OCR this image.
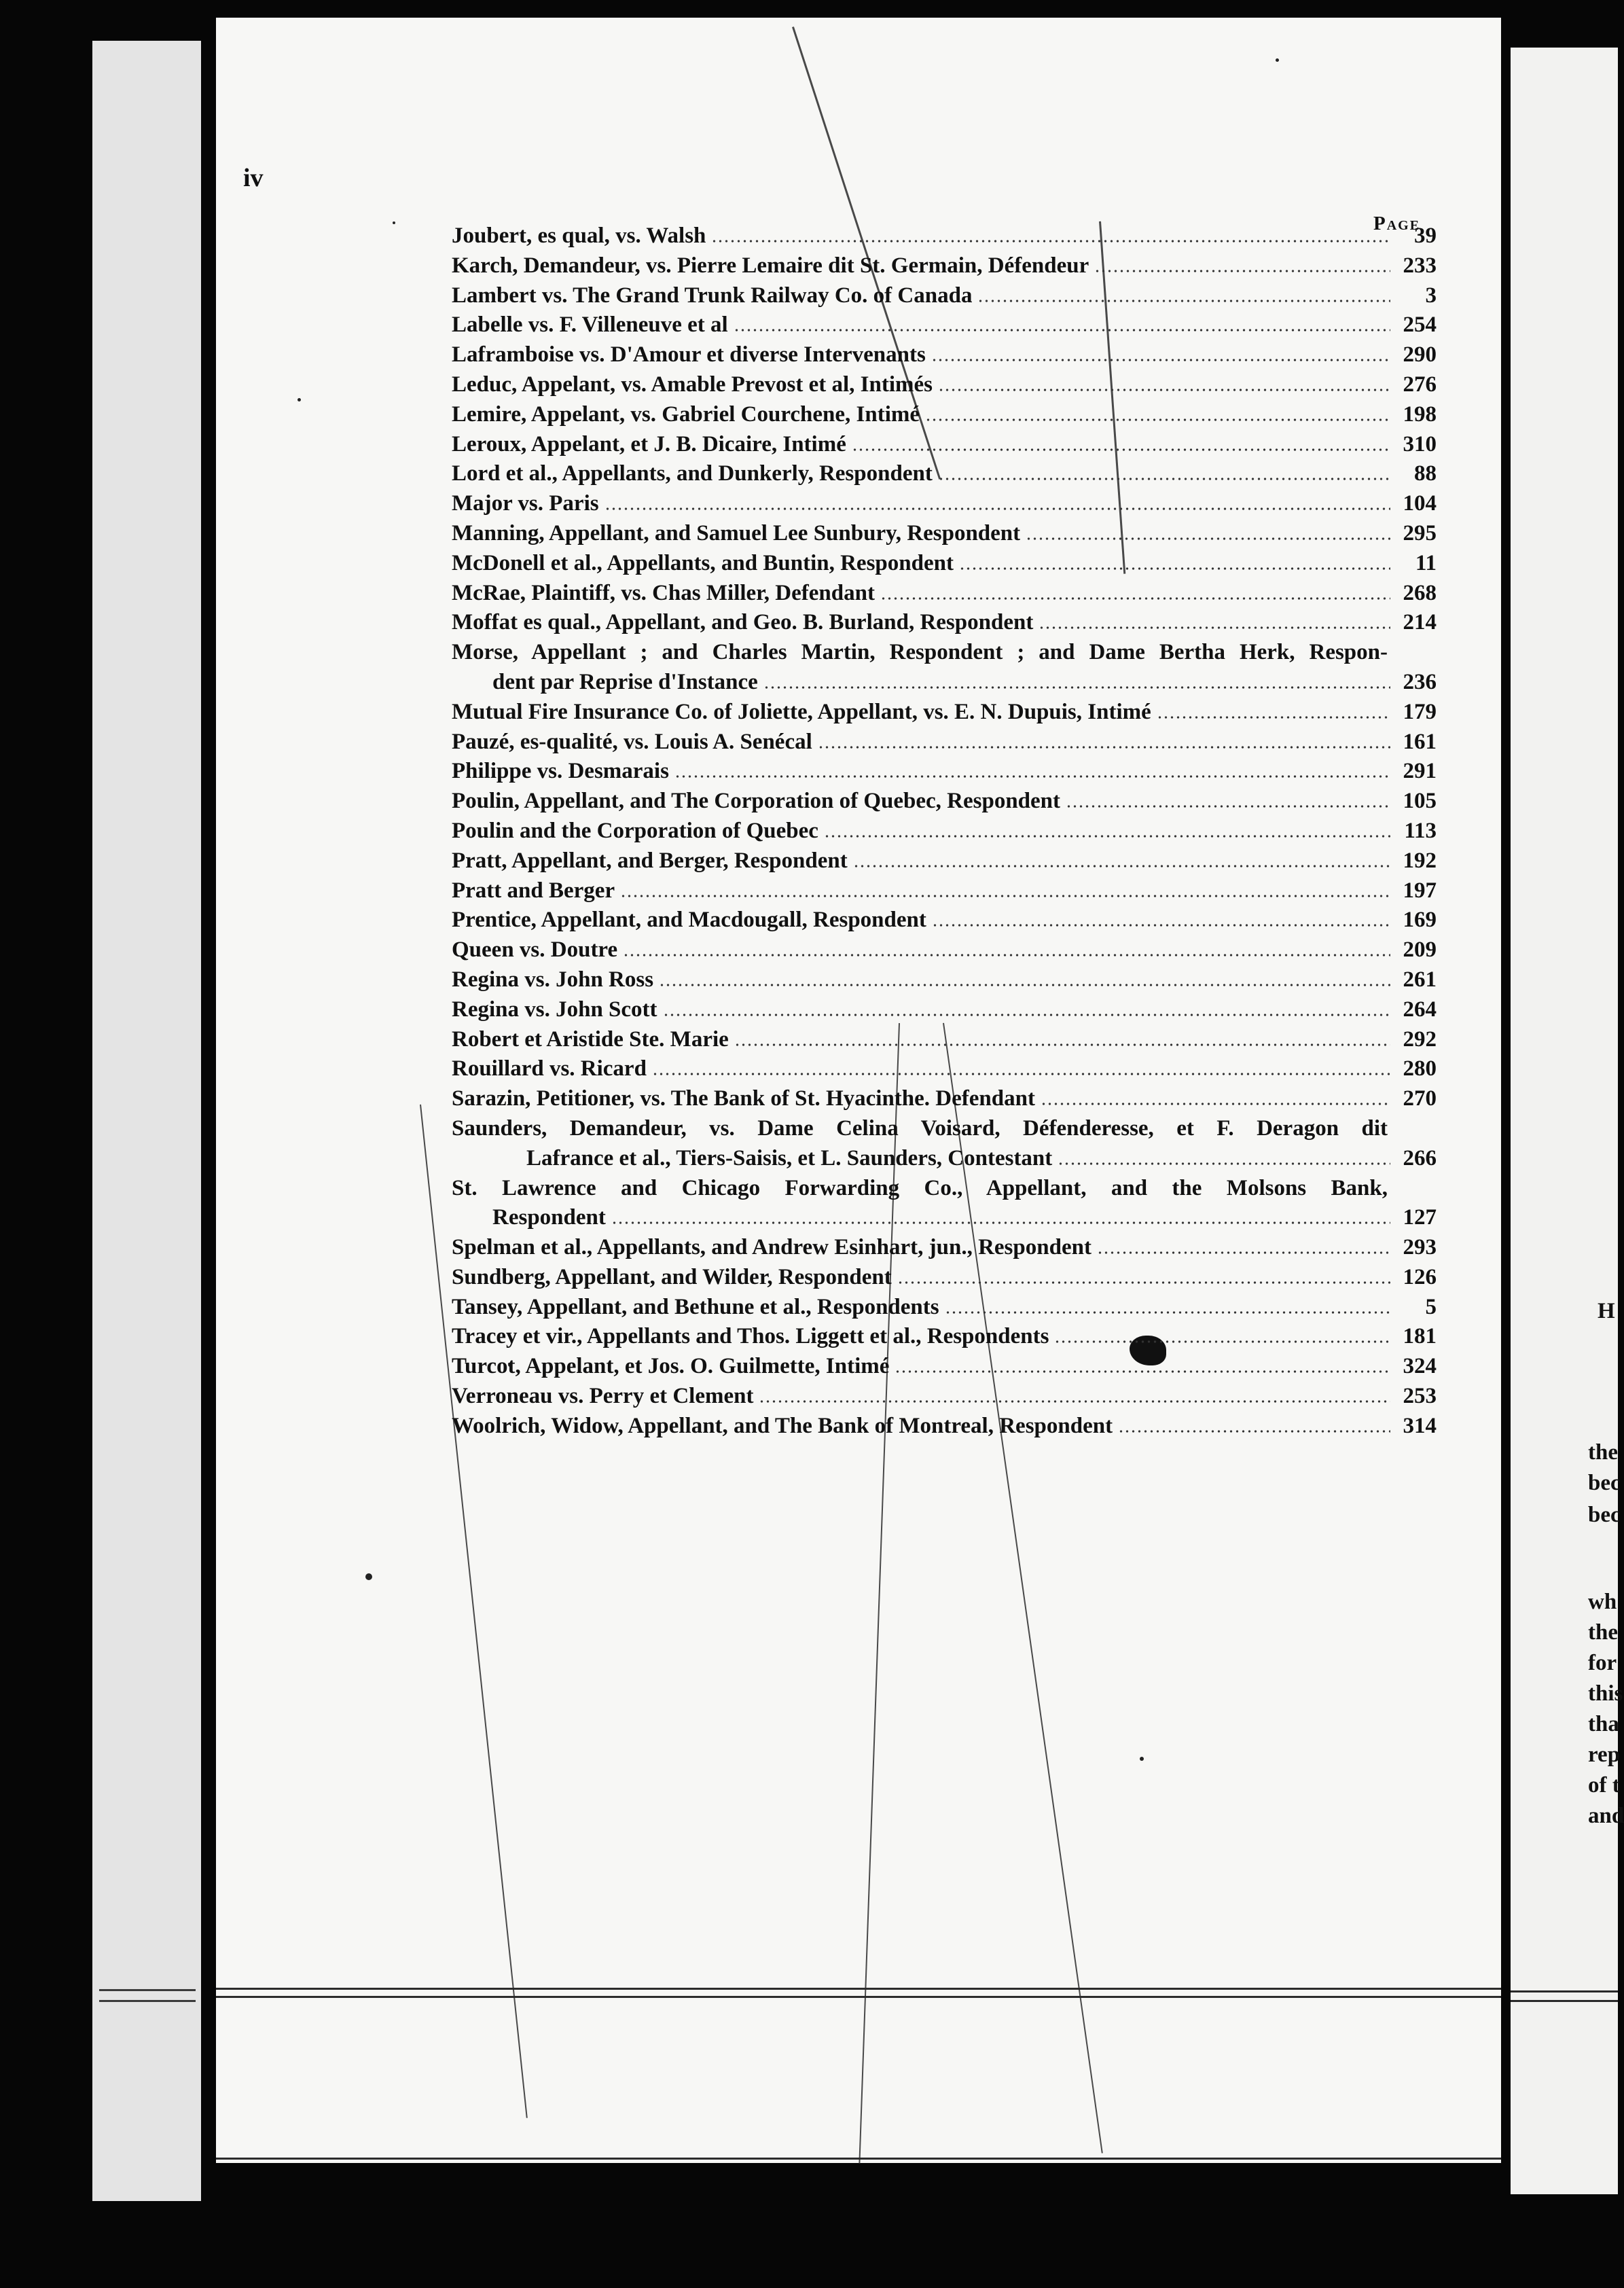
iv
Page
Joubert, es qual, vs. Walsh	39
Karch, Demandeur, vs. Pierre Lemaire dit St. Germain, Défendeur	233
Lambert vs. The Grand Trunk Railway Co. of Canada	3
Labelle vs. F. Villeneuve et al	254
Laframboise vs. D'Amour et diverse Intervenants	290
Leduc, Appelant, vs. Amable Prevost et al, Intimés	276
Lemire, Appelant, vs. Gabriel Courchene, Intimé	198
Leroux, Appelant, et J. B. Dicaire, Intimé	310
Lord et al., Appellants, and Dunkerly, Respondent	88
Major vs. Paris	104
Manning, Appellant, and Samuel Lee Sunbury, Respondent	295
McDonell et al., Appellants, and Buntin, Respondent	11
McRae, Plaintiff, vs. Chas Miller, Defendant	268
Moffat es qual., Appellant, and Geo. B. Burland, Respondent	214
Morse, Appellant ; and Charles Martin, Respondent ; and Dame Bertha Herk, Respon-
dent par Reprise d'Instance	236
Mutual Fire Insurance Co. of Joliette, Appellant, vs. E. N. Dupuis, Intimé	179
Pauzé, es-qualité, vs. Louis A. Senécal	161
Philippe vs. Desmarais	291
Poulin, Appellant, and The Corporation of Quebec, Respondent	105
Poulin and the Corporation of Quebec	113
Pratt, Appellant, and Berger, Respondent	192
Pratt and Berger	197
Prentice, Appellant, and Macdougall, Respondent	169
Queen vs. Doutre	209
Regina vs. John Ross	261
Regina vs. John Scott	264
Robert et Aristide Ste. Marie	292
Rouillard vs. Ricard	280
Sarazin, Petitioner, vs. The Bank of St. Hyacinthe. Defendant	270
Saunders, Demandeur, vs. Dame Celina Voisard, Défenderesse, et F. Deragon dit
Lafrance et al., Tiers-Saisis, et L. Saunders, Contestant	266
St. Lawrence and Chicago Forwarding Co., Appellant, and the Molsons Bank,
Respondent	127
Spelman et al., Appellants, and Andrew Esinhart, jun., Respondent	293
Sundberg, Appellant, and Wilder, Respondent	126
Tansey, Appellant, and Bethune et al., Respondents	5
Tracey et vir., Appellants and Thos. Liggett et al., Respondents	181
Turcot, Appelant, et Jos. O. Guilmette, Intimé	324
Verroneau vs. Perry et Clement	253
Woolrich, Widow, Appellant, and The Bank of Montreal, Respondent	314
H
the
bec
bec
wh
the
for
this
tha
rep
of t
and
